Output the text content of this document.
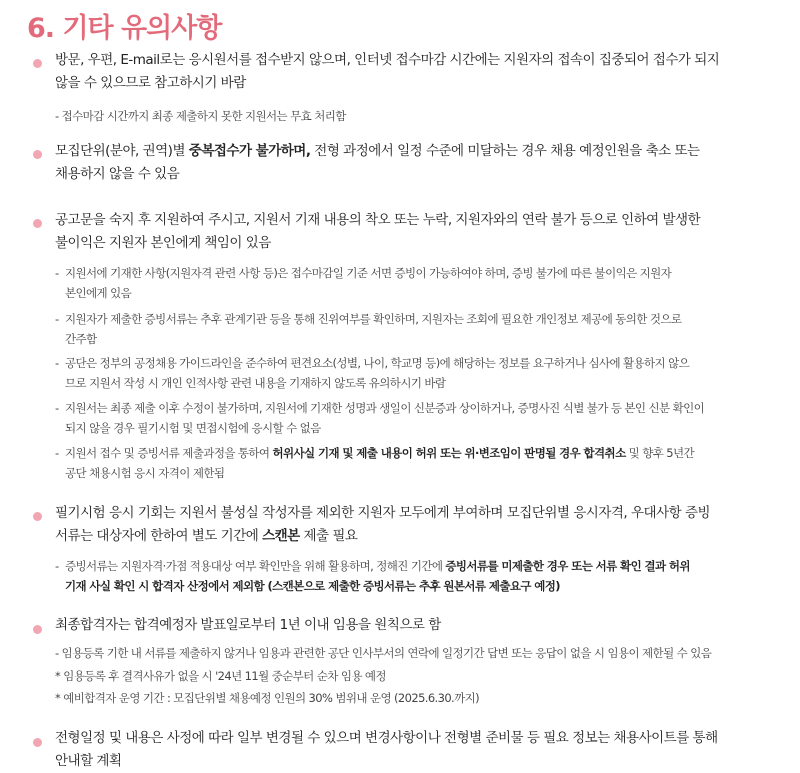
6. 기타 유의사항
방문, 우편, E-mail로는 응시원서를 접수받지 않으며, 인터넷 접수마감 시간에는 지원자의 접속이 집중되어 접수가 되지
않을 수 있으므로 참고하시기 바람
- 접수마감 시간까지 최종 제출하지 못한 지원서는 무효 처리함
모집단위(분야, 권역)별 중복접수가 불가하며, 전형 과정에서 일정 수준에 미달하는 경우 채용 예정인원을 축소 또는
채용하지 않을 수 있음
공고문을 숙지 후 지원하여 주시고, 지원서 기재 내용의 착오 또는 누락, 지원자와의 연락 불가 등으로 인하여 발생한
불이익은 지원자 본인에게 책임이 있음
- 지원서에 기재한 사항(지원자격 관련 사항 등)은 접수마감일 기준 서면 증빙이 가능하여야 하며, 증빙 불가에 따른 불이익은 지원자
본인에게 있음
- 지원자가 제출한 증빙서류는 추후 관계기관 등을 통해 진위여부를 확인하며, 지원자는 조회에 필요한 개인정보 제공에 동의한 것으로
간주함
- 공단은 정부의 공정채용 가이드라인을 준수하여 편견요소(성별, 나이, 학교명 등)에 해당하는 정보를 요구하거나 심사에 활용하지 않으
므로 지원서 작성 시 개인 인적사항 관련 내용을 기재하지 않도록 유의하시기 바람
- 지원서는 최종 제출 이후 수정이 불가하며, 지원서에 기재한 성명과 생일이 신분증과 상이하거나, 증명사진 식별 불가 등 본인 신분 확인이
되지 않을 경우 필기시험 및 면접시험에 응시할 수 없음
- 지원서 접수 및 증빙서류 제출과정을 통하여 허위사실 기재 및 제출 내용이 허위 또는 위·변조임이 판명될 경우 합격취소 및 향후 5년간
공단 채용시험 응시 자격이 제한됨
필기시험 응시 기회는 지원서 불성실 작성자를 제외한 지원자 모두에게 부여하며 모집단위별 응시자격, 우대사항 증빙
서류는 대상자에 한하여 별도 기간에 스캔본 제출 필요
- 증빙서류는 지원자격·가점 적용대상 여부 확인만을 위해 활용하며, 정해진 기간에 증빙서류를 미제출한 경우 또는 서류 확인 결과 허위
기재 사실 확인 시 합격자 산정에서 제외함 (스캔본으로 제출한 증빙서류는 추후 원본서류 제출요구 예정)
최종합격자는 합격예정자 발표일로부터 1년 이내 임용을 원칙으로 함
- 임용등록 기한 내 서류를 제출하지 않거나 임용과 관련한 공단 인사부서의 연락에 일정기간 답변 또는 응답이 없을 시 임용이 제한될 수 있음
* 임용등록 후 결격사유가 없을 시 '24년 11월 중순부터 순차 임용 예정
* 예비합격자 운영 기간 : 모집단위별 채용예정 인원의 30% 범위내 운영 (2025.6.30.까지)
전형일정 및 내용은 사정에 따라 일부 변경될 수 있으며 변경사항이나 전형별 준비물 등 필요 정보는 채용사이트를 통해
안내할 계획
